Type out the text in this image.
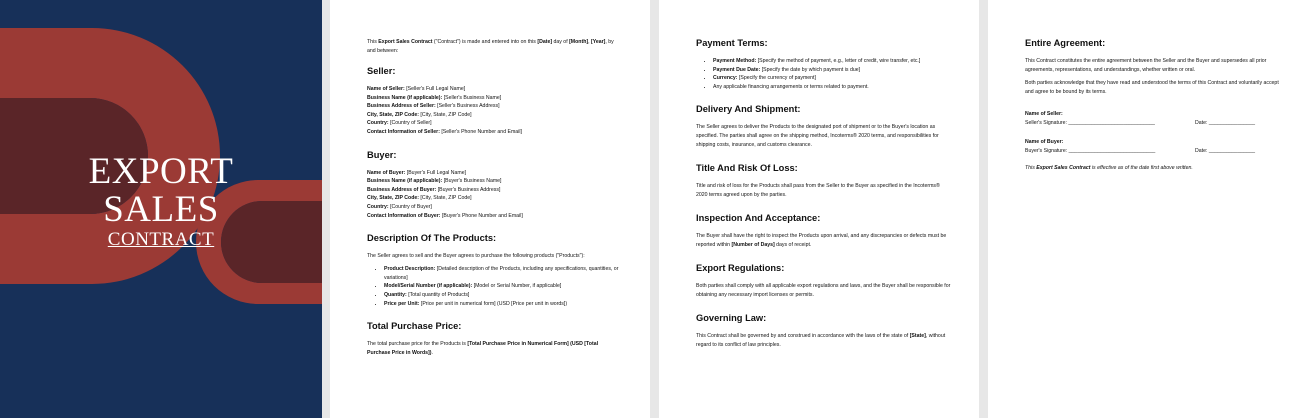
EXPORT
SALES
CONTRACT

This Export Sales Contract ("Contract") is made and entered into on this [Date] day of [Month], [Year], by and between:

Seller:
Name of Seller: [Seller's Full Legal Name]
Business Name (if applicable): [Seller's Business Name]
Business Address of Seller: [Seller's Business Address]
City, State, ZIP Code: [City, State, ZIP Code]
Country: [Country of Seller]
Contact Information of Seller: [Seller's Phone Number and Email]
Buyer:
Name of Buyer: [Buyer's Full Legal Name]
Business Name (if applicable): [Buyer's Business Name]
Business Address of Buyer: [Buyer's Business Address]
City, State, ZIP Code: [City, State, ZIP Code]
Country: [Country of Buyer]
Contact Information of Buyer: [Buyer's Phone Number and Email]
Description Of The Products:

The Seller agrees to sell and the Buyer agrees to purchase the following products ("Products"):

• Product Description: [Detailed description of the Products, including any specifications, quantities, or variations]
• Model/Serial Number (if applicable): [Model or Serial Number, if applicable]
• Quantity: [Total quantity of Products]
• Price per Unit: [Price per unit in numerical form] (USD [Price per unit in words])
Total Purchase Price:

The total purchase price for the Products is [Total Purchase Price in Numerical Form] (USD [Total Purchase Price in Words]).

Payment Terms:
• Payment Method: [Specify the method of payment, e.g., letter of credit, wire transfer, etc.]
• Payment Due Date: [Specify the date by which payment is due]
• Currency: [Specify the currency of payment]
• Any applicable financing arrangements or terms related to payment.
Delivery And Shipment:

The Seller agrees to deliver the Products to the designated port of shipment or to the Buyer's location as specified. The parties shall agree on the shipping method, Incoterms® 2020 terms, and responsibilities for shipping costs, insurance, and customs clearance.

Title And Risk Of Loss:

Title and risk of loss for the Products shall pass from the Seller to the Buyer as specified in the Incoterms® 2020 terms agreed upon by the parties.

Inspection And Acceptance:

The Buyer shall have the right to inspect the Products upon arrival, and any discrepancies or defects must be reported within [Number of Days] days of receipt.

Export Regulations:

Both parties shall comply with all applicable export regulations and laws, and the Buyer shall be responsible for obtaining any necessary import licenses or permits.

Governing Law:

This Contract shall be governed by and construed in accordance with the laws of the state of [State], without regard to its conflict of law principles.

Entire Agreement:

This Contract constitutes the entire agreement between the Seller and the Buyer and supersedes all prior agreements, representations, and understandings, whether written or oral.

Both parties acknowledge that they have read and understood the terms of this Contract and voluntarily accept and agree to be bound by its terms.

Name of Seller:
Seller's Signature: ______________________________	Date: ________________
Name of Buyer:
Buyer's Signature: ______________________________	Date: ________________
This Export Sales Contract is effective as of the date first above written.
